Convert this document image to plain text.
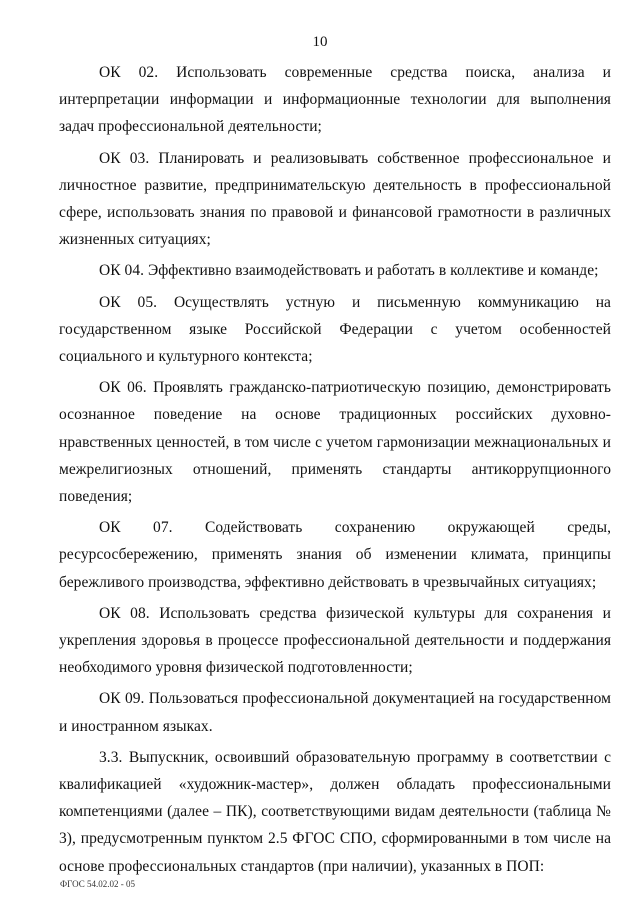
10

ОК 02. Использовать современные средства поиска, анализа и интерпретации информации и информационные технологии для выполнения задач профессиональной деятельности;

ОК 03. Планировать и реализовывать собственное профессиональное и личностное развитие, предпринимательскую деятельность в профессиональной сфере, использовать знания по правовой и финансовой грамотности в различных жизненных ситуациях;

ОК 04. Эффективно взаимодействовать и работать в коллективе и команде;

ОК 05. Осуществлять устную и письменную коммуникацию на государственном языке Российской Федерации с учетом особенностей социального и культурного контекста;

ОК 06. Проявлять гражданско-патриотическую позицию, демонстрировать осознанное поведение на основе традиционных российских духовно-нравственных ценностей, в том числе с учетом гармонизации межнациональных и межрелигиозных отношений, применять стандарты антикоррупционного поведения;

ОК 07. Содействовать сохранению окружающей среды, ресурсосбережению, применять знания об изменении климата, принципы бережливого производства, эффективно действовать в чрезвычайных ситуациях;

ОК 08. Использовать средства физической культуры для сохранения и укрепления здоровья в процессе профессиональной деятельности и поддержания необходимого уровня физической подготовленности;

ОК 09. Пользоваться профессиональной документацией на государственном и иностранном языках.

3.3. Выпускник, освоивший образовательную программу в соответствии с квалификацией «художник-мастер», должен обладать профессиональными компетенциями (далее – ПК), соответствующими видам деятельности (таблица № 3), предусмотренным пунктом 2.5 ФГОС СПО, сформированными в том числе на основе профессиональных стандартов (при наличии), указанных в ПОП:

ФГОС 54.02.02 - 05
